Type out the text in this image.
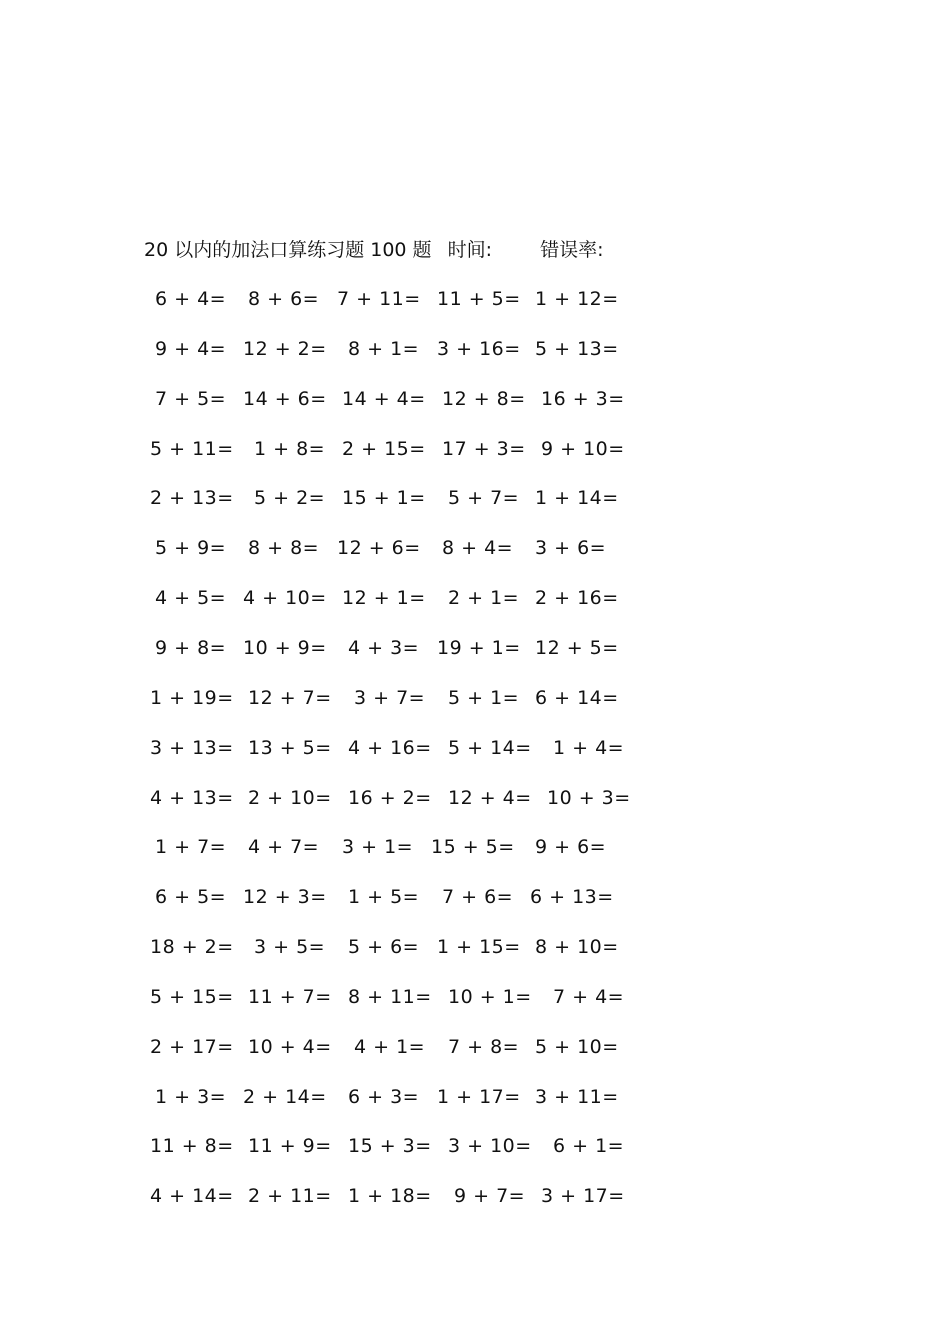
20 以内的加法口算练习题 100 题 时间:	错误率:
6 + 4= 8 + 6= 7 + 11= 11 + 5= 1 + 12=
9 + 4= 12 + 2= 8 + 1= 3 + 16= 5 + 13=
7 + 5= 14 + 6= 14 + 4= 12 + 8= 16 + 3=
5 + 11= 1 + 8= 2 + 15= 17 + 3= 9 + 10=
2 + 13= 5 + 2= 15 + 1= 5 + 7= 1 + 14=
5 + 9= 8 + 8= 12 + 6= 8 + 4= 3 + 6=
4 + 5= 4 + 10= 12 + 1= 2 + 1= 2 + 16=
9 + 8= 10 + 9= 4 + 3= 19 + 1= 12 + 5=
1 + 19= 12 + 7= 3 + 7= 5 + 1= 6 + 14=
3 + 13= 13 + 5= 4 + 16= 5 + 14= 1 + 4=
4 + 13= 2 + 10= 16 + 2= 12 + 4= 10 + 3=
1 + 7= 4 + 7= 3 + 1= 15 + 5= 9 + 6=
6 + 5= 12 + 3= 1 + 5= 7 + 6= 6 + 13=
18 + 2= 3 + 5= 5 + 6= 1 + 15= 8 + 10=
5 + 15= 11 + 7= 8 + 11= 10 + 1= 7 + 4=
2 + 17= 10 + 4= 4 + 1= 7 + 8= 5 + 10=
1 + 3= 2 + 14= 6 + 3= 1 + 17= 3 + 11=
11 + 8= 11 + 9= 15 + 3= 3 + 10= 6 + 1=
4 + 14= 2 + 11= 1 + 18= 9 + 7= 3 + 17=
